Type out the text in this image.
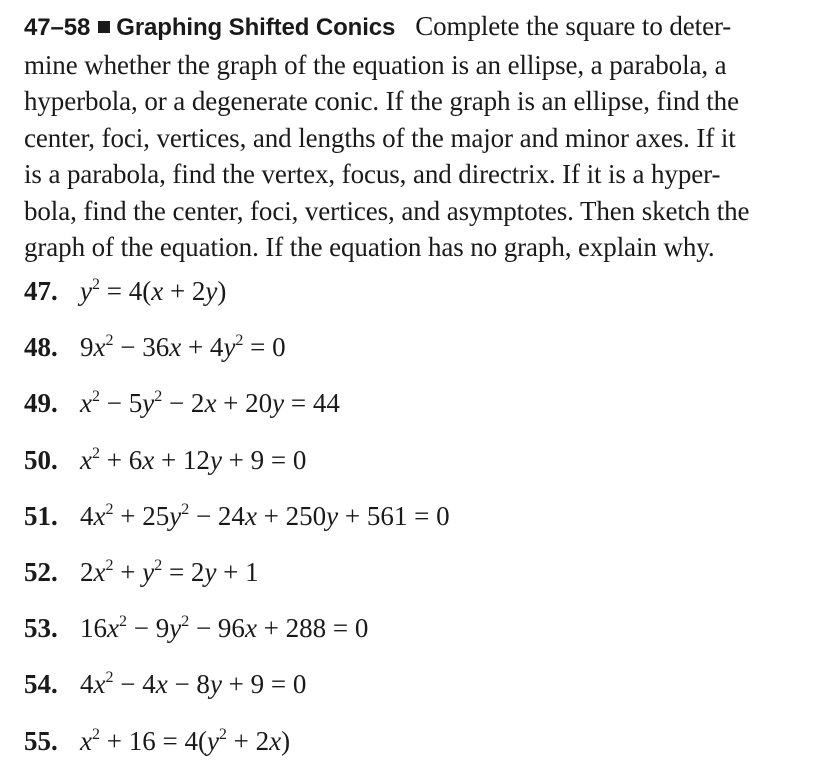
47–58 Graphing Shifted Conics Complete the square to deter-
mine whether the graph of the equation is an ellipse, a parabola, a
hyperbola, or a degenerate conic. If the graph is an ellipse, find the
center, foci, vertices, and lengths of the major and minor axes. If it
is a parabola, find the vertex, focus, and directrix. If it is a hyper-
bola, find the center, foci, vertices, and asymptotes. Then sketch the
graph of the equation. If the equation has no graph, explain why.

47. $y^2 = 4(x + 2y)$
48. $9x^2 - 36x + 4y^2 = 0$
49. $x^2 - 5y^2 - 2x + 20y = 44$
50. $x^2 + 6x + 12y + 9 = 0$
51. $4x^2 + 25y^2 - 24x + 250y + 561 = 0$
52. $2x^2 + y^2 = 2y + 1$
53. $16x^2 - 9y^2 - 96x + 288 = 0$
54. $4x^2 - 4x - 8y + 9 = 0$
55. $x^2 + 16 = 4(y^2 + 2x)$
